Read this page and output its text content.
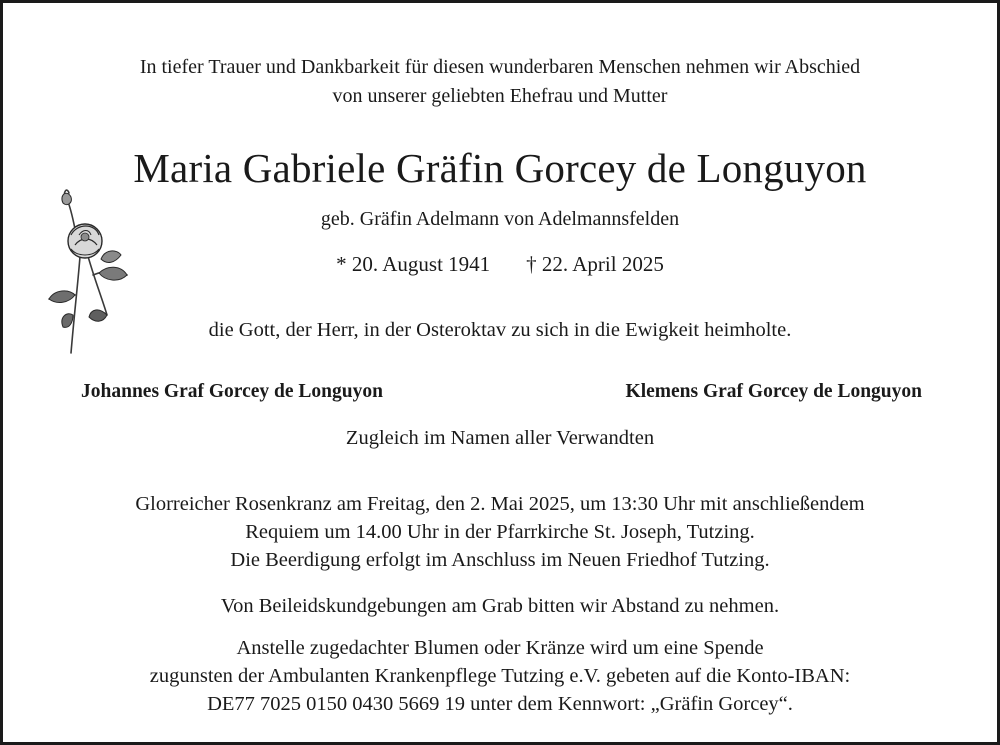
In tiefer Trauer und Dankbarkeit für diesen wunderbaren Menschen nehmen wir Abschied
von unserer geliebten Ehefrau und Mutter
Maria Gabriele Gräfin Gorcey de Longuyon
geb. Gräfin Adelmann von Adelmannsfelden
* 20. August 1941 † 22. April 2025
die Gott, der Herr, in der Osteroktav zu sich in die Ewigkeit heimholte.
Johannes Graf Gorcey de Longuyon	Klemens Graf Gorcey de Longuyon
Zugleich im Namen aller Verwandten
Glorreicher Rosenkranz am Freitag, den 2. Mai 2025, um 13:30 Uhr mit anschließendem
Requiem um 14.00 Uhr in der Pfarrkirche St. Joseph, Tutzing.
Die Beerdigung erfolgt im Anschluss im Neuen Friedhof Tutzing.
Von Beileidskundgebungen am Grab bitten wir Abstand zu nehmen.
Anstelle zugedachter Blumen oder Kränze wird um eine Spende
zugunsten der Ambulanten Krankenpflege Tutzing e.V. gebeten auf die Konto-IBAN:
DE77 7025 0150 0430 5669 19 unter dem Kennwort: „Gräfin Gorcey“.
